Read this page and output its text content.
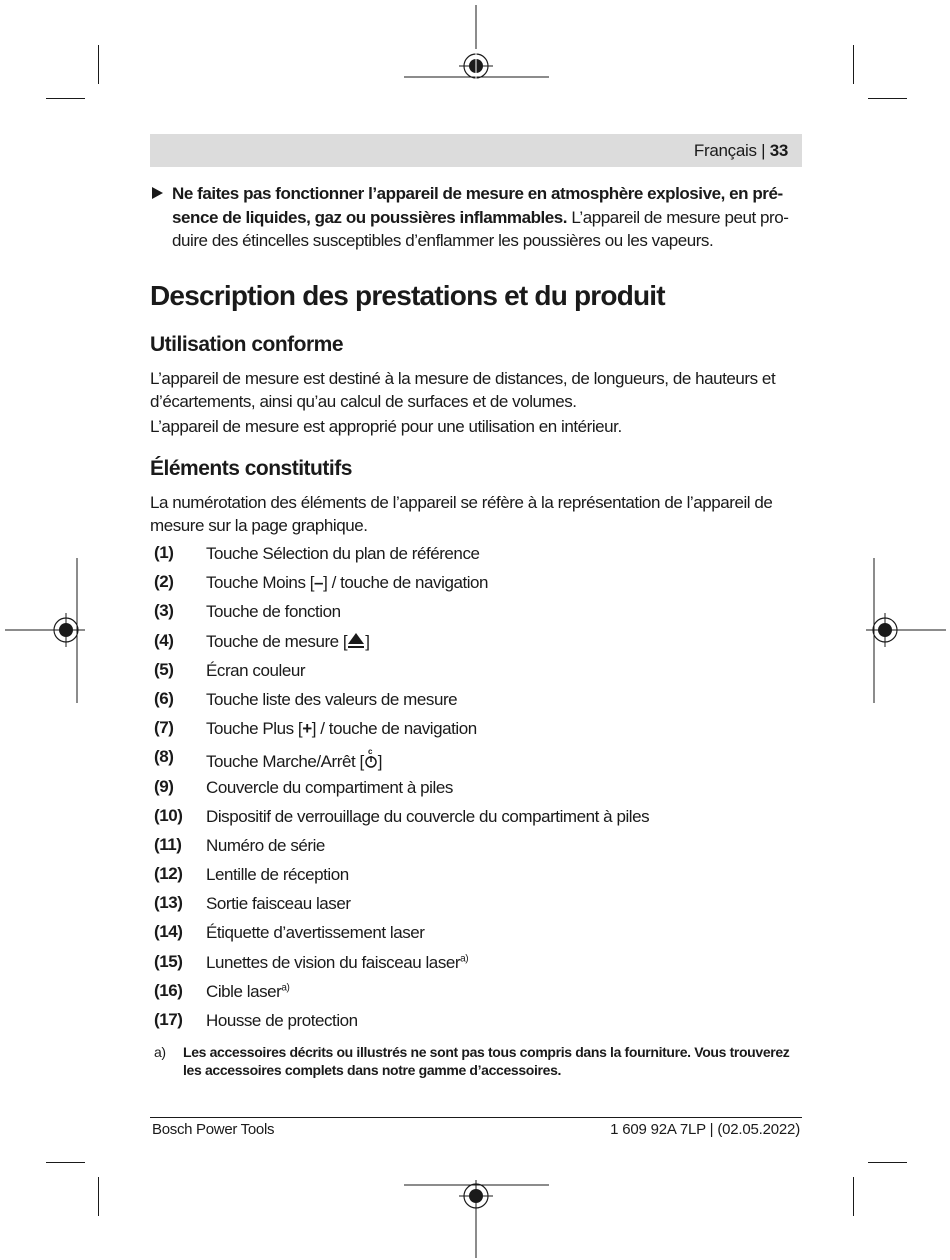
Français | 33
Ne faites pas fonctionner l’appareil de mesure en atmosphère explosive, en présence de liquides, gaz ou poussières inflammables. L’appareil de mesure peut produire des étincelles susceptibles d’enflammer les poussières ou les vapeurs.
Description des prestations et du produit
Utilisation conforme
L’appareil de mesure est destiné à la mesure de distances, de longueurs, de hauteurs et d’écartements, ainsi qu’au calcul de surfaces et de volumes.
L’appareil de mesure est approprié pour une utilisation en intérieur.
Éléments constitutifs
La numérotation des éléments de l’appareil se réfère à la représentation de l’appareil de mesure sur la page graphique.
(1) Touche Sélection du plan de référence
(2) Touche Moins [–] / touche de navigation
(3) Touche de fonction
(4) Touche de mesure [ ]
(5) Écran couleur
(6) Touche liste des valeurs de mesure
(7) Touche Plus [+] / touche de navigation
(8) Touche Marche/Arrêt [
c
]
(9) Couvercle du compartiment à piles
(10) Dispositif de verrouillage du couvercle du compartiment à piles
(11) Numéro de série
(12) Lentille de réception
(13) Sortie faisceau laser
(14) Étiquette d’avertissement laser
(15) Lunettes de vision du faisceau laser$^{a)}$
(16) Cible laser$^{a)}$
(17) Housse de protection
a) Les accessoires décrits ou illustrés ne sont pas tous compris dans la fourniture. Vous trouverez les accessoires complets dans notre gamme d’accessoires.
Bosch Power Tools	1 609 92A 7LP | (02.05.2022)
